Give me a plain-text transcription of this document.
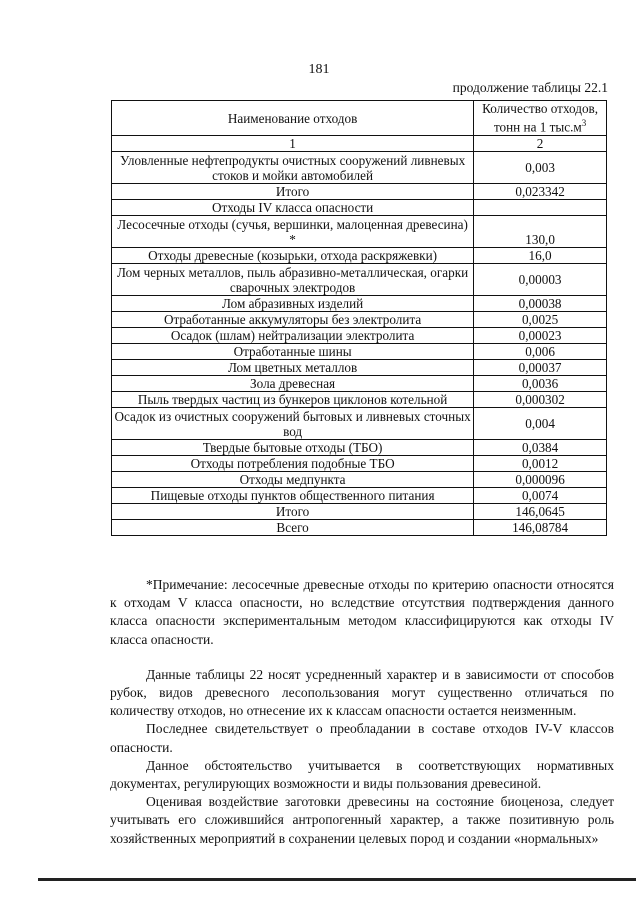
181
продолжение таблицы 22.1
Наименование отходов	Количество отходов,
тонн на 1 $тыс.м^3$
1	2
Уловленные нефтепродукты очистных сооружений ливневых стоков и мойки автомобилей	0,003
Итого	0,023342
Отходы IV класса опасности	
Лесосечные отходы (сучья, вершинки, малоценная древесина) *	130,0
Отходы древесные (козырьки, отхода раскряжевки)	16,0
Лом черных металлов, пыль абразивно-металлическая, огарки сварочных электродов	0,00003
Лом абразивных изделий	0,00038
Отработанные аккумуляторы без электролита	0,0025
Осадок (шлам) нейтрализации электролита	0,00023
Отработанные шины	0,006
Лом цветных металлов	0,00037
Зола древесная	0,0036
Пыль твердых частиц из бункеров циклонов котельной	0,000302
Осадок из очистных сооружений бытовых и ливневых сточных вод	0,004
Твердые бытовые отходы (ТБО)	0,0384
Отходы потребления подобные ТБО	0,0012
Отходы медпункта	0,000096
Пищевые отходы пунктов общественного питания	0,0074
Итого	146,0645
Всего	146,08784

*Примечание: лесосечные древесные отходы по критерию опасности относятся к отходам V класса опасности, но вследствие отсутствия подтверждения данного класса опасности экспериментальным методом классифицируются как отходы IV класса опасности.

Данные таблицы 22 носят усредненный характер и в зависимости от способов рубок, видов древесного лесопользования могут существенно отличаться по количеству отходов, но отнесение их к классам опасности остается неизменным.

Последнее свидетельствует о преобладании в составе отходов IV-V классов опасности.

Данное обстоятельство учитывается в соответствующих нормативных документах, регулирующих возможности и виды пользования древесиной.

Оценивая воздействие заготовки древесины на состояние биоценоза, следует учитывать его сложившийся антропогенный характер, а также позитивную роль хозяйственных мероприятий в сохранении целевых пород и создании «нормальных»
